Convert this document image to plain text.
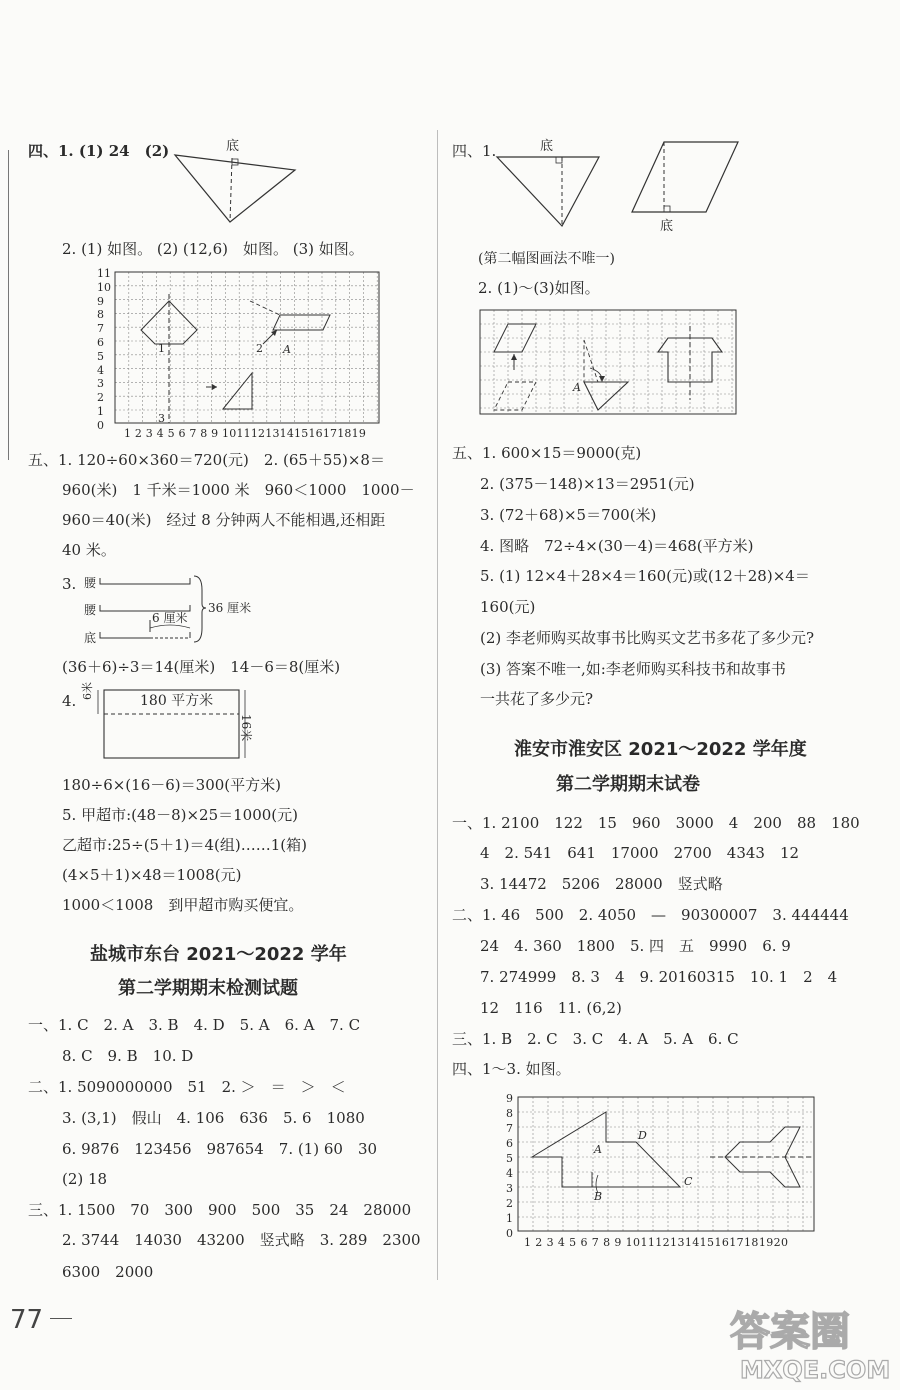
四、1. (1) 24　(2)	底
2. (1) 如图。 (2) (12,6)　如图。 (3) 如图。
1	2 A
3
11
10
9
8
7
6
5
4
3
2
1
0
1 2 3 4 5 6 7 8 9 10111213141516171819
五、1. 120÷60×360＝720(元)　2. (65＋55)×8＝
960(米)　1 千米＝1000 米　960＜1000　1000－
960＝40(米)　经过 8 分钟两人不能相遇,还相距
40 米。
3. 腰
腰
底
6 厘米
36 厘米
(36＋6)÷3＝14(厘米)　14－6＝8(厘米)
4.	180 平方米
6米
16米
180÷6×(16－6)＝300(平方米)
5. 甲超市:(48－8)×25＝1000(元)
乙超市:25÷(5＋1)＝4(组)……1(箱)
(4×5＋1)×48＝1008(元)
1000＜1008　到甲超市购买便宜。
盐城市东台 2021～2022 学年
第二学期期末检测试题
一、1. C　2. A　3. B　4. D　5. A　6. A　7. C
8. C　9. B　10. D
二、1. 5090000000　51　2. ＞　＝　＞　＜
3. (3,1)　假山　4. 106　636　5. 6　1080
6. 9876　123456　987654　7. (1) 60　30
(2) 18
三、1. 1500　70　300　900　500　35　24　28000
2. 3744　14030　43200　竖式略　3. 289　2300
6300　2000
四、1.	底
底
(第二幅图画法不唯一)
2. (1)～(3)如图。
A
五、1. 600×15＝9000(克)
2. (375－148)×13＝2951(元)
3. (72＋68)×5＝700(米)
4. 图略　72÷4×(30－4)＝468(平方米)
5. (1) 12×4＋28×4＝160(元)或(12＋28)×4＝
160(元)
(2) 李老师购买故事书比购买文艺书多花了多少元?
(3) 答案不唯一,如:李老师购买科技书和故事书
一共花了多少元?
淮安市淮安区 2021～2022 学年度
第二学期期末试卷
一、1. 2100　122　15　960　3000　4　200　88　180
4　2. 541　641　17000　2700　4343　12
3. 14472　5206　28000　竖式略
二、1. 46　500　2. 4050　—　90300007　3. 444444
24　4. 360　1800　5. 四　五　9990　6. 9
7. 274999　8. 3　4　9. 20160315　10. 1　2　4
12　116　11. (6,2)
三、1. B　2. C　3. C　4. A　5. A　6. C
四、1～3. 如图。
9
8
7
6
5
4
3
2
1
0
1 2 3 4 5 6 7 8 9 1011121314151617181920
A
B
C
D
77	答案圈
MXQE.COM
